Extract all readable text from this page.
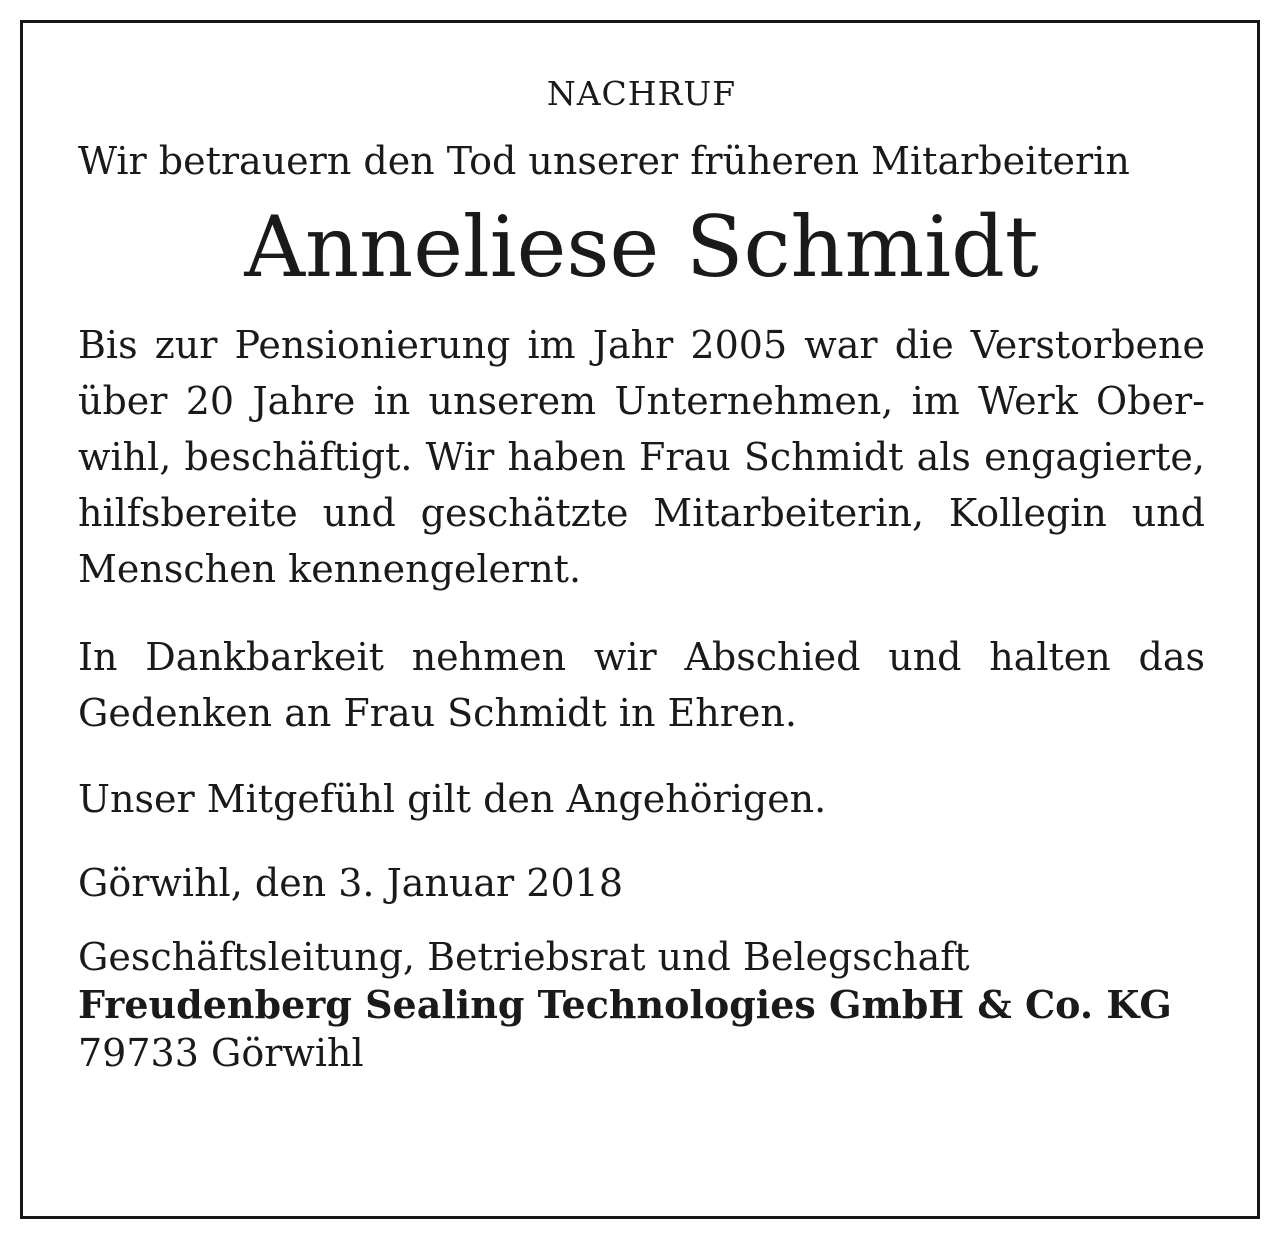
NACHRUF

Wir betrauern den Tod unserer früheren Mitarbeiterin

Anneliese Schmidt

Bis zur Pensionierung im Jahr 2005 war die Verstorbene über 20 Jahre in unserem Unternehmen, im Werk Oberwihl, beschäftigt. Wir haben Frau Schmidt als engagierte, hilfsbereite und geschätzte Mitarbeiterin, Kollegin und Menschen kennengelernt.

In Dankbarkeit nehmen wir Abschied und halten das Gedenken an Frau Schmidt in Ehren.

Unser Mitgefühl gilt den Angehörigen.

Görwihl, den 3. Januar 2018

Geschäftsleitung, Betriebsrat und Belegschaft
Freudenberg Sealing Technologies GmbH & Co. KG
79733 Görwihl
